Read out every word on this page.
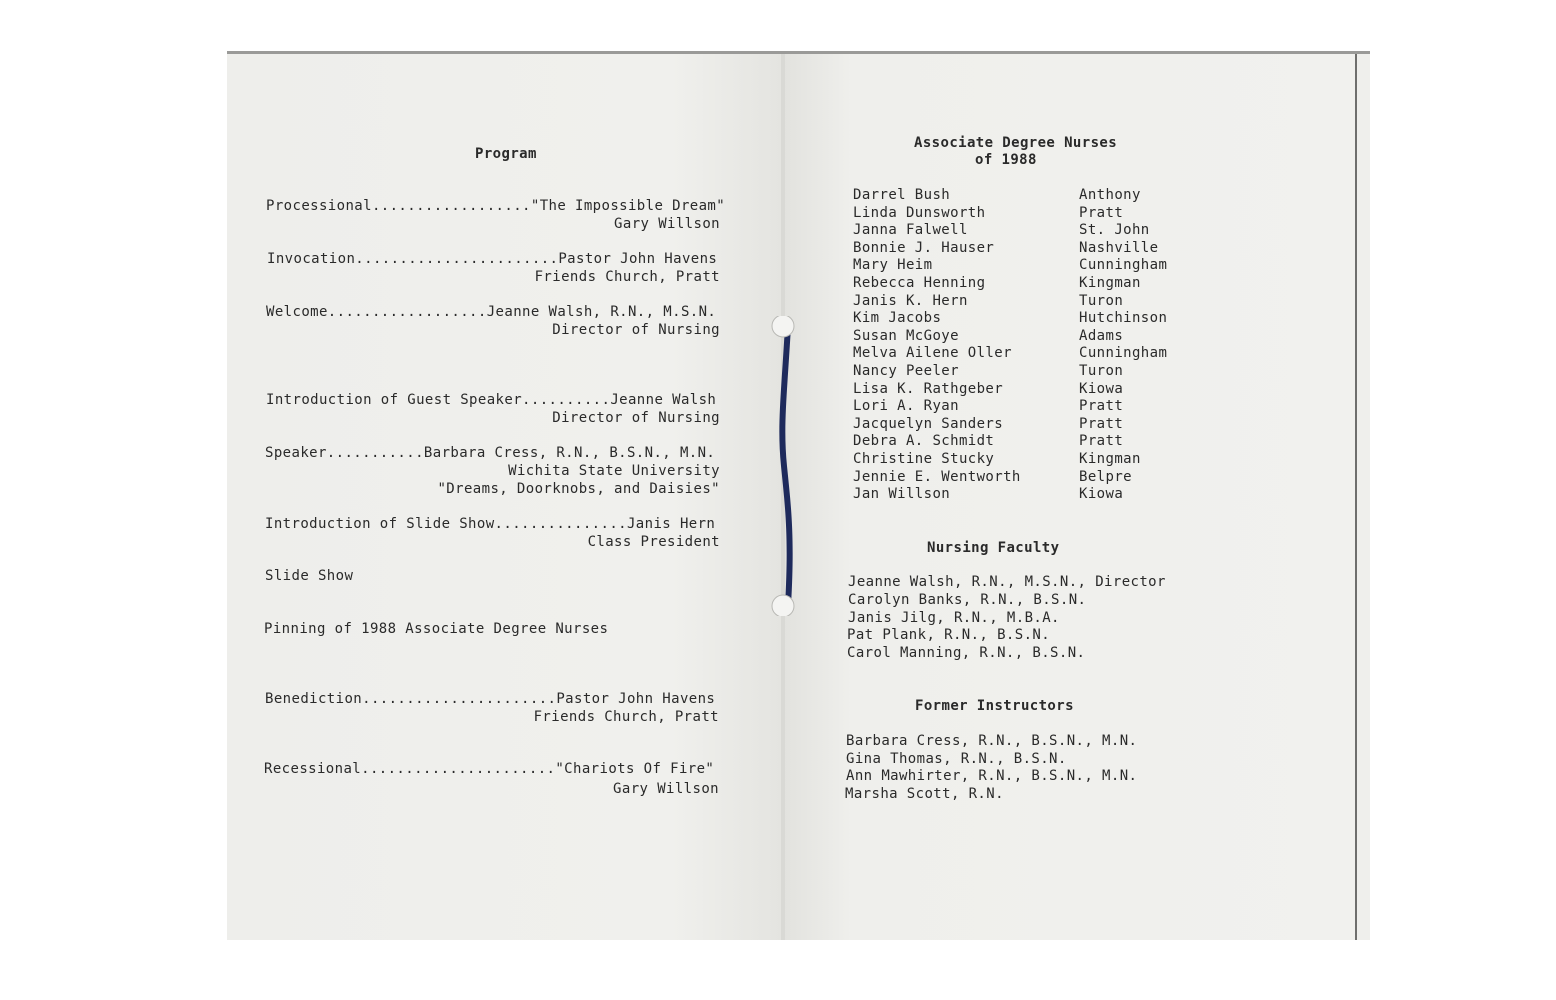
Program
Processional.................."The Impossible Dream"
Gary Willson
Invocation.......................Pastor John Havens
Friends Church, Pratt
Welcome..................Jeanne Walsh, R.N., M.S.N.
Director of Nursing
Introduction of Guest Speaker..........Jeanne Walsh
Director of Nursing
Speaker...........Barbara Cress, R.N., B.S.N., M.N.
Wichita State University
"Dreams, Doorknobs, and Daisies"
Introduction of Slide Show...............Janis Hern
Class President
Slide Show
Pinning of 1988 Associate Degree Nurses
Benediction......................Pastor John Havens
Friends Church, Pratt
Recessional......................"Chariots Of Fire"
Gary Willson
Associate Degree Nurses
of 1988
Darrel Bush	Anthony
Linda Dunsworth	Pratt
Janna Falwell	St. John
Bonnie J. Hauser	Nashville
Mary Heim	Cunningham
Rebecca Henning	Kingman
Janis K. Hern	Turon
Kim Jacobs	Hutchinson
Susan McGoye	Adams
Melva Ailene Oller	Cunningham
Nancy Peeler	Turon
Lisa K. Rathgeber	Kiowa
Lori A. Ryan	Pratt
Jacquelyn Sanders	Pratt
Debra A. Schmidt	Pratt
Christine Stucky	Kingman
Jennie E. Wentworth	Belpre
Jan Willson	Kiowa
Nursing Faculty
Jeanne Walsh, R.N., M.S.N., Director
Carolyn Banks, R.N., B.S.N.
Janis Jilg, R.N., M.B.A.
Pat Plank, R.N., B.S.N.
Carol Manning, R.N., B.S.N.
Former Instructors
Barbara Cress, R.N., B.S.N., M.N.
Gina Thomas, R.N., B.S.N.
Ann Mawhirter, R.N., B.S.N., M.N.
Marsha Scott, R.N.
